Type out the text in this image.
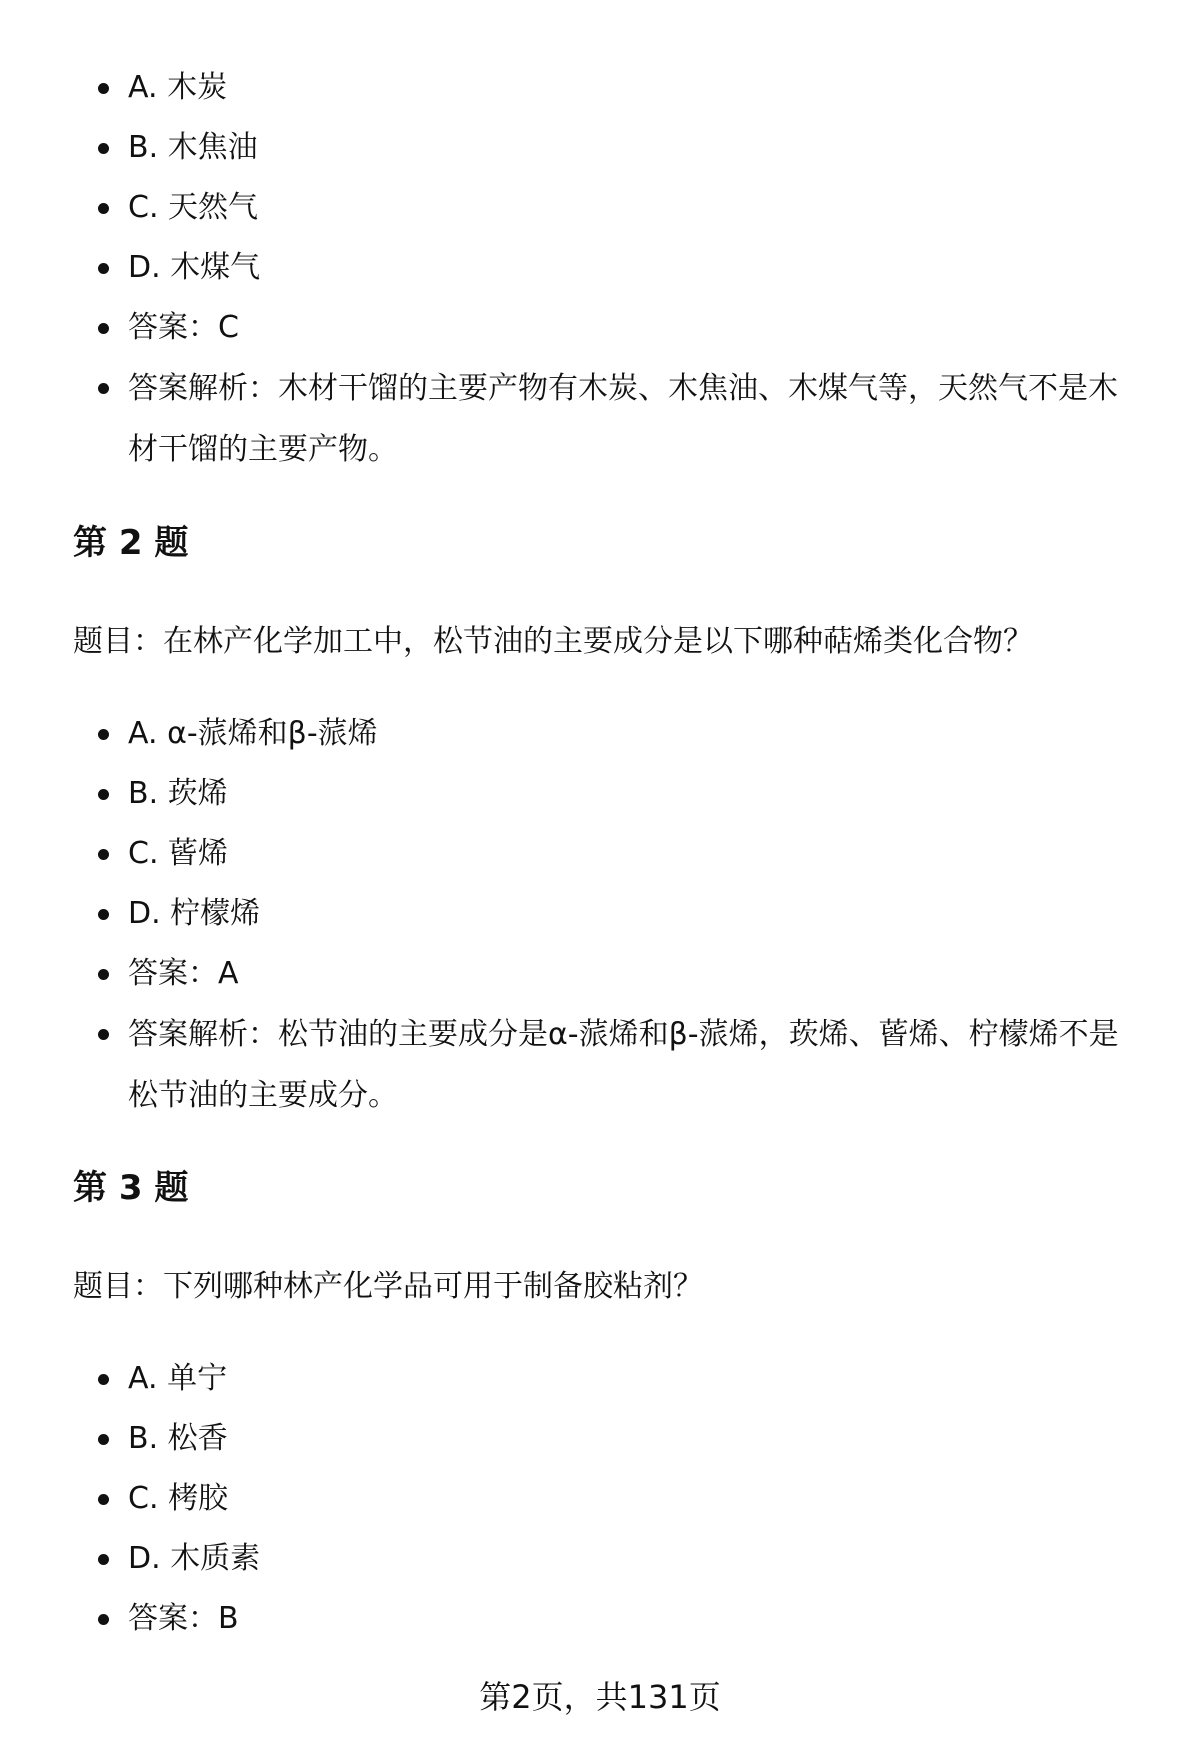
A. 木炭
B. 木焦油
C. 天然气
D. 木煤气
答案：C
答案解析：木材干馏的主要产物有木炭、木焦油、木煤气等，天然气不是木材干馏的主要产物。
第 2 题

题目：在林产化学加工中，松节油的主要成分是以下哪种萜烯类化合物？

A. α-蒎烯和β-蒎烯
B. 莰烯
C. 蒈烯
D. 柠檬烯
答案：A
答案解析：松节油的主要成分是α-蒎烯和β-蒎烯，莰烯、蒈烯、柠檬烯不是松节油的主要成分。
第 3 题

题目：下列哪种林产化学品可用于制备胶粘剂？

A. 单宁
B. 松香
C. 栲胶
D. 木质素
答案：B
第2页，共131页
